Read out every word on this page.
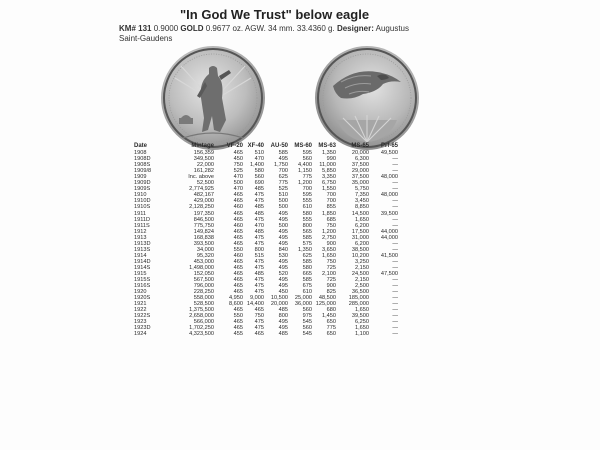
"In God We Trust" below eagle
KM# 131 0.9000 GOLD 0.9677 oz. AGW. 34 mm. 33.4360 g. Designer: Augustus Saint-Gaudens
Date	Mintage	VF-20	XF-40	AU-50	MS-60	MS-63	MS-65	Prf-65
1908	156,359	465	510	585	595	1,350	20,000	49,500
1908D	349,500	450	470	495	560	990	6,300	—
1908S	22,000	750	1,400	1,750	4,400	11,000	37,500	—
1909/8	161,282	525	580	700	1,150	5,850	29,000	—
1909	Inc. above	470	560	625	775	3,350	37,500	48,000
1909D	52,500	500	690	775	1,200	6,750	35,000	—
1909S	2,774,925	470	485	525	700	1,550	5,750	—
1910	482,167	465	475	510	595	700	7,350	48,000
1910D	429,000	465	475	500	555	700	3,450	—
1910S	2,128,250	460	485	500	610	855	8,850	—
1911	197,350	465	485	495	580	1,850	14,500	39,500
1911D	846,500	465	475	495	555	685	1,650	—
1911S	775,750	460	470	500	800	750	6,200	—
1912	149,824	465	485	495	565	1,200	17,500	44,000
1913	168,838	465	475	495	585	2,750	31,000	44,000
1913D	393,500	465	475	495	575	900	6,200	—
1913S	34,000	550	800	840	1,350	3,650	38,500	—
1914	95,320	460	515	530	625	1,650	10,200	41,500
1914D	453,000	465	475	495	585	750	3,250	—
1914S	1,498,000	465	475	495	580	725	2,150	—
1915	152,050	465	485	520	665	2,100	24,500	47,500
1915S	567,500	465	475	495	585	725	2,150	—
1916S	796,000	465	475	495	675	900	2,500	—
1920	228,250	465	475	450	610	825	36,500	—
1920S	558,000	4,950	9,000	10,500	25,000	48,500	185,000	—
1921	528,500	8,600	14,400	20,000	36,000	125,000	285,000	—
1922	1,375,500	465	465	485	560	680	1,650	—
1922S	2,658,000	550	750	800	975	1,450	39,500	—
1923	566,000	465	475	495	545	650	6,250	—
1923D	1,702,250	465	475	495	560	775	1,650	—
1924	4,323,500	455	465	485	545	650	1,100	—
